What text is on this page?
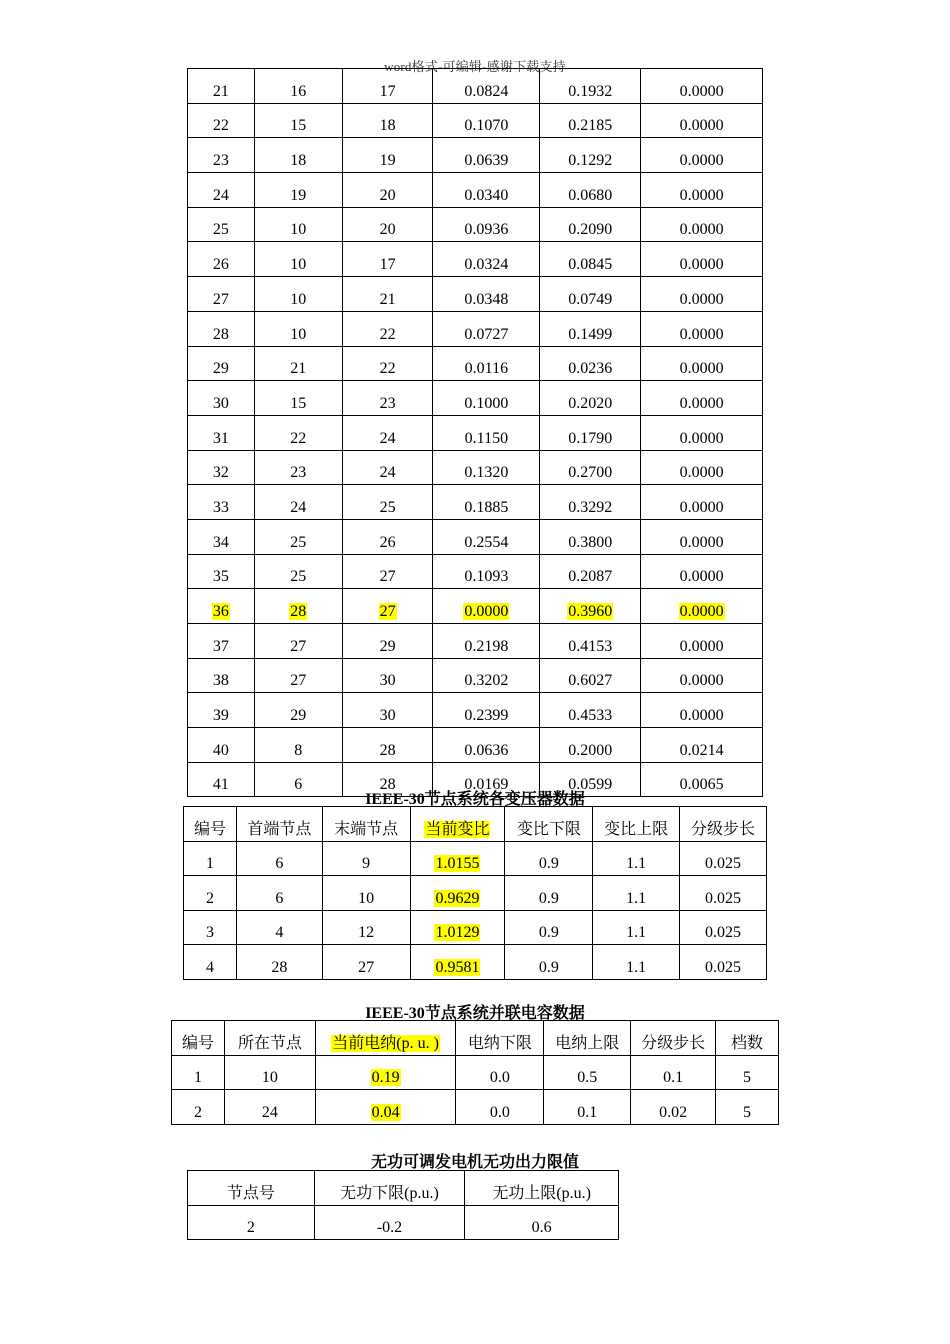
word格式-可编辑-感谢下载支持
21	16	17	0.0824	0.1932	0.0000
22	15	18	0.1070	0.2185	0.0000
23	18	19	0.0639	0.1292	0.0000
24	19	20	0.0340	0.0680	0.0000
25	10	20	0.0936	0.2090	0.0000
26	10	17	0.0324	0.0845	0.0000
27	10	21	0.0348	0.0749	0.0000
28	10	22	0.0727	0.1499	0.0000
29	21	22	0.0116	0.0236	0.0000
30	15	23	0.1000	0.2020	0.0000
31	22	24	0.1150	0.1790	0.0000
32	23	24	0.1320	0.2700	0.0000
33	24	25	0.1885	0.3292	0.0000
34	25	26	0.2554	0.3800	0.0000
35	25	27	0.1093	0.2087	0.0000
36	28	27	0.0000	0.3960	0.0000
37	27	29	0.2198	0.4153	0.0000
38	27	30	0.3202	0.6027	0.0000
39	29	30	0.2399	0.4533	0.0000
40	8	28	0.0636	0.2000	0.0214
41	6	28	0.0169	0.0599	0.0065
IEEE-30节点系统各变压器数据
编号	首端节点	末端节点	当前变比	变比下限	变比上限	分级步长
1	6	9	1.0155	0.9	1.1	0.025
2	6	10	0.9629	0.9	1.1	0.025
3	4	12	1.0129	0.9	1.1	0.025
4	28	27	0.9581	0.9	1.1	0.025
IEEE-30节点系统并联电容数据
编号	所在节点	当前电纳(p. u. )	电纳下限	电纳上限	分级步长	档数
1	10	0.19	0.0	0.5	0.1	5
2	24	0.04	0.0	0.1	0.02	5
无功可调发电机无功出力限值
节点号	无功下限(p.u.)	无功上限(p.u.)
2	-0.2	0.6
